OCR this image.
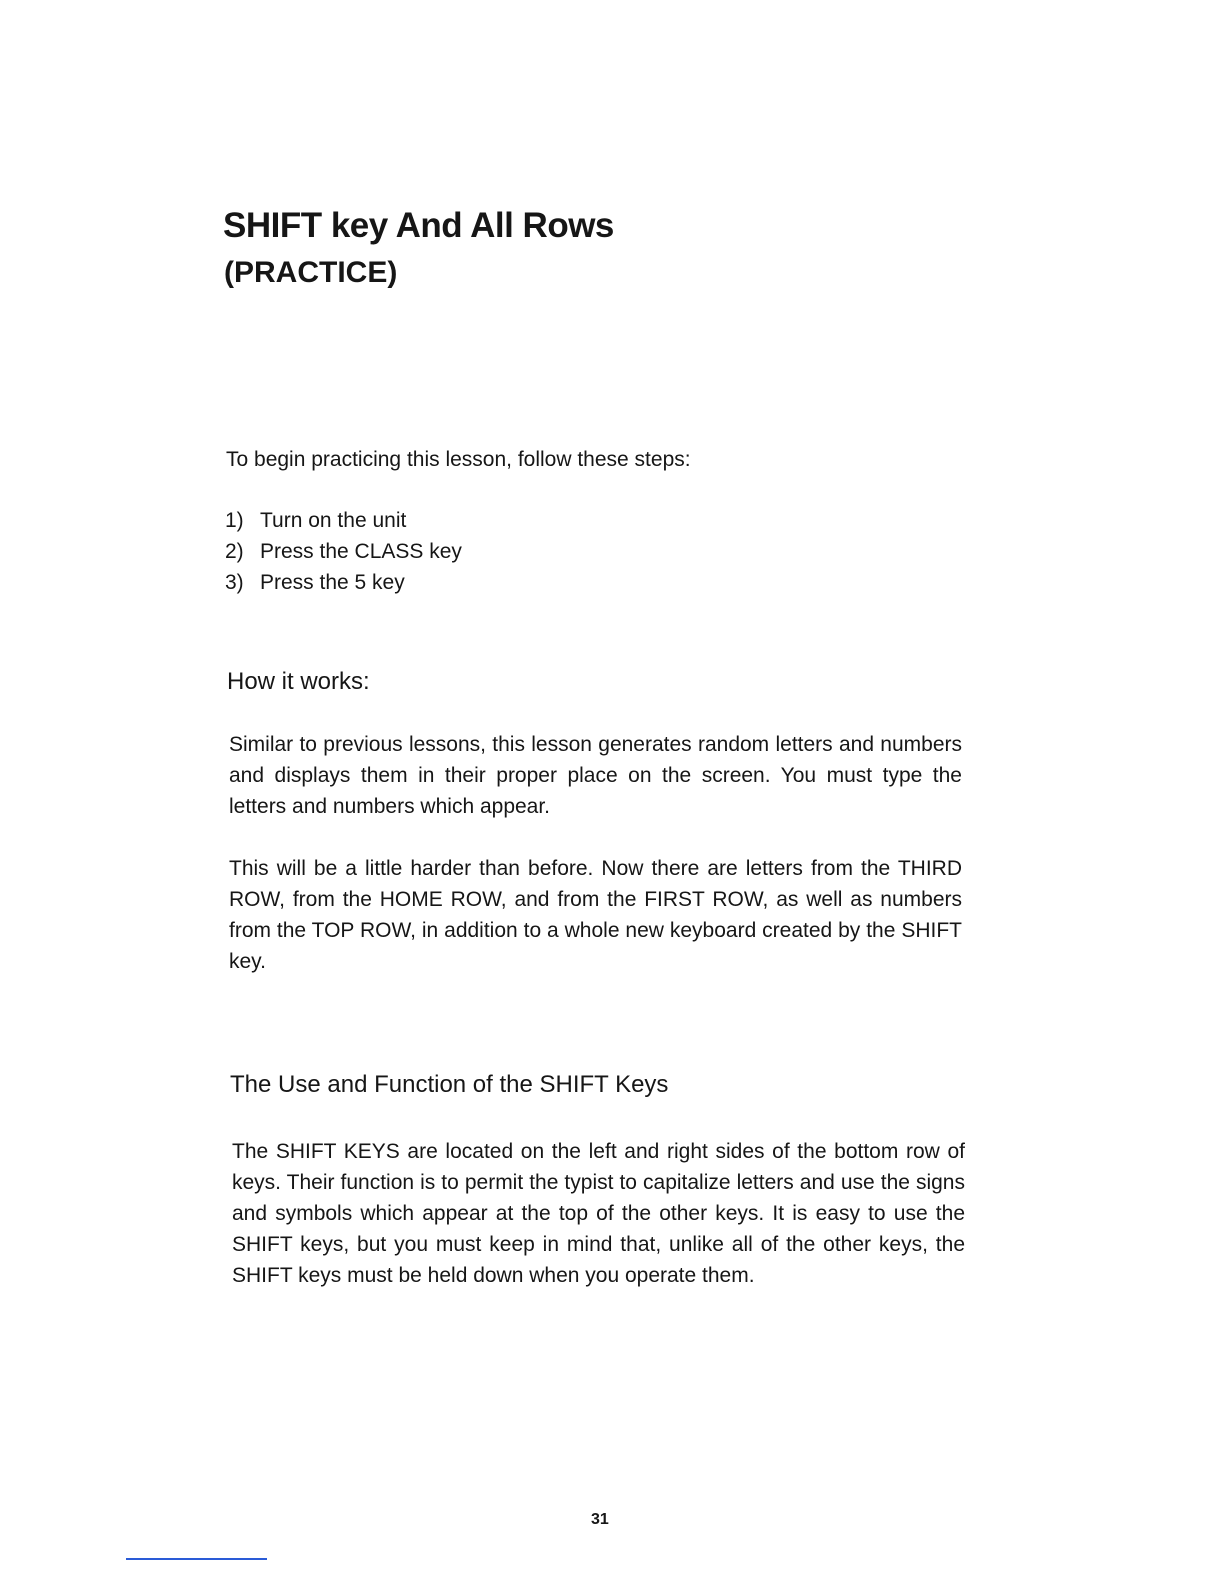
SHIFT key And All Rows
(PRACTICE)

To begin practicing this lesson, follow these steps:

1) Turn on the unit
2) Press the CLASS key
3) Press the 5 key
How it works:

Similar to previous lessons, this lesson generates random letters and numbers and displays them in their proper place on the screen. You must type the letters and numbers which appear.

This will be a little harder than before. Now there are letters from the THIRD ROW, from the HOME ROW, and from the FIRST ROW, as well as numbers from the TOP ROW, in addition to a whole new keyboard created by the SHIFT key.

The Use and Function of the SHIFT Keys

The SHIFT KEYS are located on the left and right sides of the bottom row of keys. Their function is to permit the typist to capitalize letters and use the signs and symbols which appear at the top of the other keys. It is easy to use the SHIFT keys, but you must keep in mind that, unlike all of the other keys, the SHIFT keys must be held down when you operate them.

31
